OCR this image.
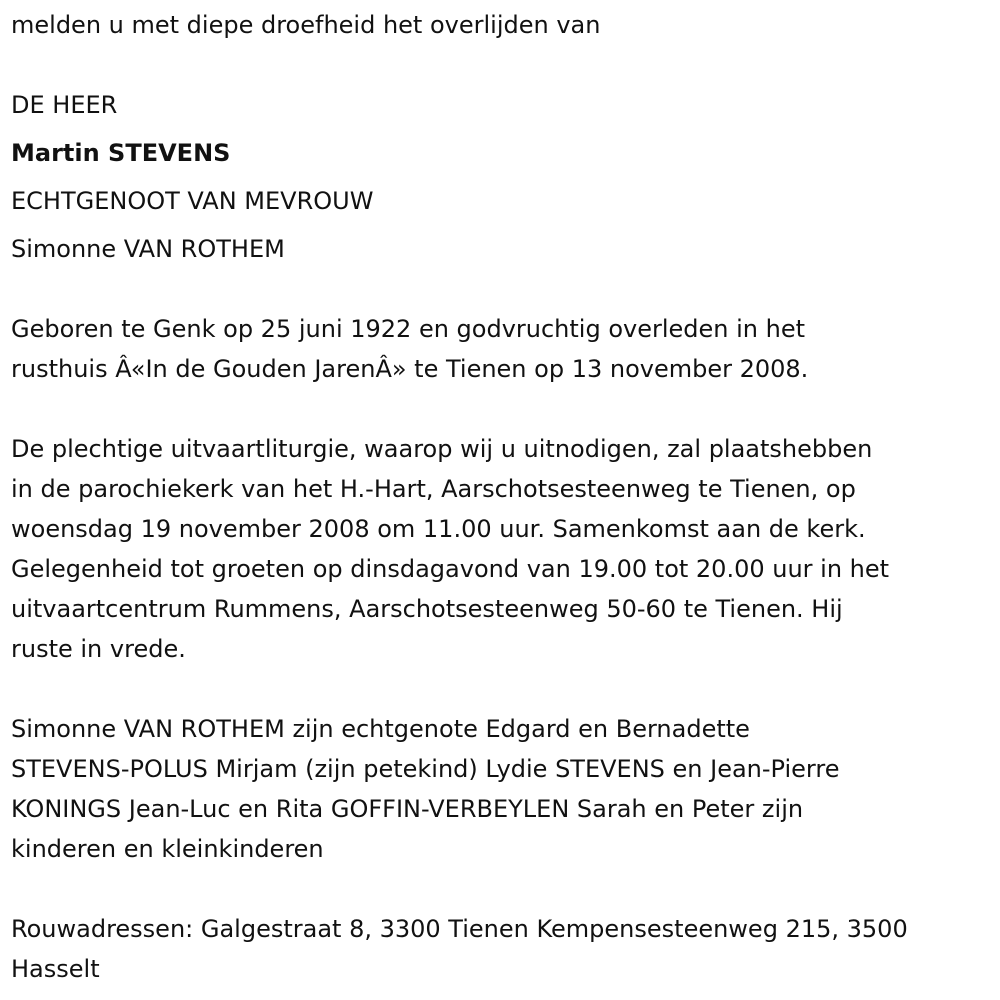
melden u met diepe droefheid het overlijden van
DE HEER
Martin STEVENS
ECHTGENOOT VAN MEVROUW
Simonne VAN ROTHEM
Geboren te Genk op 25 juni 1922 en godvruchtig overleden in het
rusthuis Â«In de Gouden JarenÂ» te Tienen op 13 november 2008.
De plechtige uitvaartliturgie, waarop wij u uitnodigen, zal plaatshebben
in de parochiekerk van het H.-Hart, Aarschotsesteenweg te Tienen, op
woensdag 19 november 2008 om 11.00 uur. Samenkomst aan de kerk.
Gelegenheid tot groeten op dinsdagavond van 19.00 tot 20.00 uur in het
uitvaartcentrum Rummens, Aarschotsesteenweg 50-60 te Tienen. Hij
ruste in vrede.
Simonne VAN ROTHEM zijn echtgenote Edgard en Bernadette
STEVENS-POLUS Mirjam (zijn petekind) Lydie STEVENS en Jean-Pierre
KONINGS Jean-Luc en Rita GOFFIN-VERBEYLEN Sarah en Peter zijn
kinderen en kleinkinderen
Rouwadressen: Galgestraat 8, 3300 Tienen Kempensesteenweg 215, 3500
Hasselt
